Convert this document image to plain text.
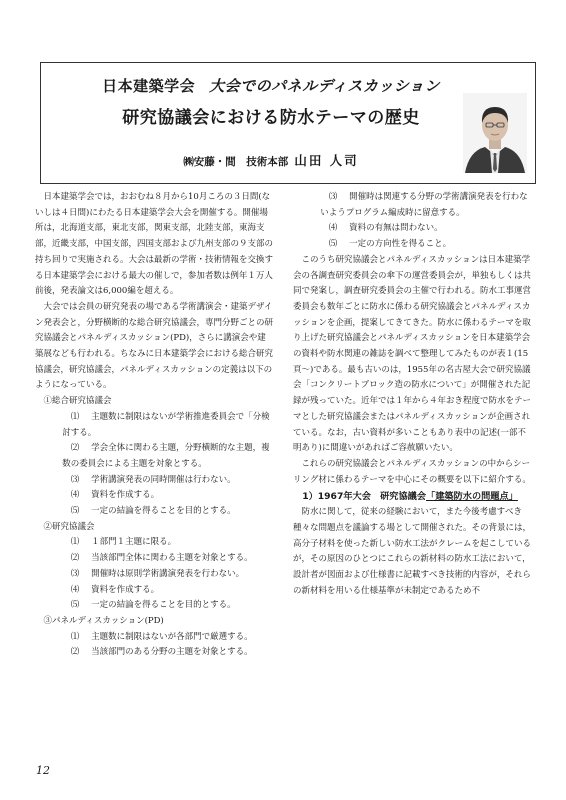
日本建築学会 大会でのパネルディスカッション
研究協議会における防水テーマの歴史
㈱安藤・間　技術本部 山田 人司

日本建築学会では，おおむね８月から10月ころの３日間(ないしは４日間)にわたる日本建築学会大会を開催する。開催場所は，北海道支部，東北支部，関東支部，北陸支部，東海支部，近畿支部，中国支部，四国支部および九州支部の９支部の持ち回りで実施される。大会は最新の学術・技術情報を交換する日本建築学会における最大の催しで，参加者数は例年１万人前後，発表論文は6,000編を超える。

大会では会員の研究発表の場である学術講演会・建築デザイン発表会と，分野横断的な総合研究協議会，専門分野ごとの研究協議会とパネルディスカッション(PD)，さらに講演会や建築展なども行われる。ちなみに日本建築学会における総合研究協議会，研究協議会，パネルディスカッションの定義は以下のようになっている。

①総合研究協議会

⑴ 主題数に制限はないが学術推進委員会で「分検討する。

⑵ 学会全体に関わる主題，分野横断的な主題，複数の委員会による主題を対象とする。

⑶ 学術講演発表の同時開催は行わない。

⑷ 資料を作成する。

⑸ 一定の結論を得ることを目的とする。

②研究協議会

⑴ １部門１主題に限る。

⑵ 当該部門全体に関わる主題を対象とする。

⑶ 開催時は原則学術講演発表を行わない。

⑷ 資料を作成する。

⑸ 一定の結論を得ることを目的とする。

③パネルディスカッション(PD)

⑴ 主題数に制限はないが各部門で厳選する。

⑵ 当該部門のある分野の主題を対象とする。

⑶ 開催時は関連する分野の学術講演発表を行わないようプログラム編成時に留意する。

⑷ 資料の有無は問わない。

⑸ 一定の方向性を得ること。

このうち研究協議会とパネルディスカッションは日本建築学会の各調査研究委員会の傘下の運営委員会が，単独もしくは共同で発案し，調査研究委員会の主催で行われる。防水工事運営委員会も数年ごとに防水に係わる研究協議会とパネルディスカッションを企画，提案してきてきた。防水に係わるテーマを取り上げた研究協議会とパネルディスカッションを日本建築学会の資料や防水関連の雑誌を調べて整理してみたものが表１(15頁～)である。最も古いのは，1955年の名古屋大会で研究協議会「コンクリートブロック造の防水について」が開催された記録が残っていた。近年では１年から４年おき程度で防水をテーマとした研究協議会またはパネルディスカッションが企画されている。なお，古い資料が多いこともあり表中の記述(一部不明あり)に間違いがあればご容赦願いたい。

これらの研究協議会とパネルディスカッションの中からシーリング材に係わるテーマを中心にその概要を以下に紹介する。

1）1967年大会　研究協議会「建築防水の問題点」

防水に関して，従来の経験において，また今後考慮すべき種々な問題点を議論する場として開催された。その背景には，高分子材料を使った新しい防水工法がクレームを起こしているが，その原因のひとつにこれらの新材料の防水工法において，設計者が図面および仕様書に記載すべき技術的内容が，それらの新材料を用いる仕様基準が未制定であるため不

12
